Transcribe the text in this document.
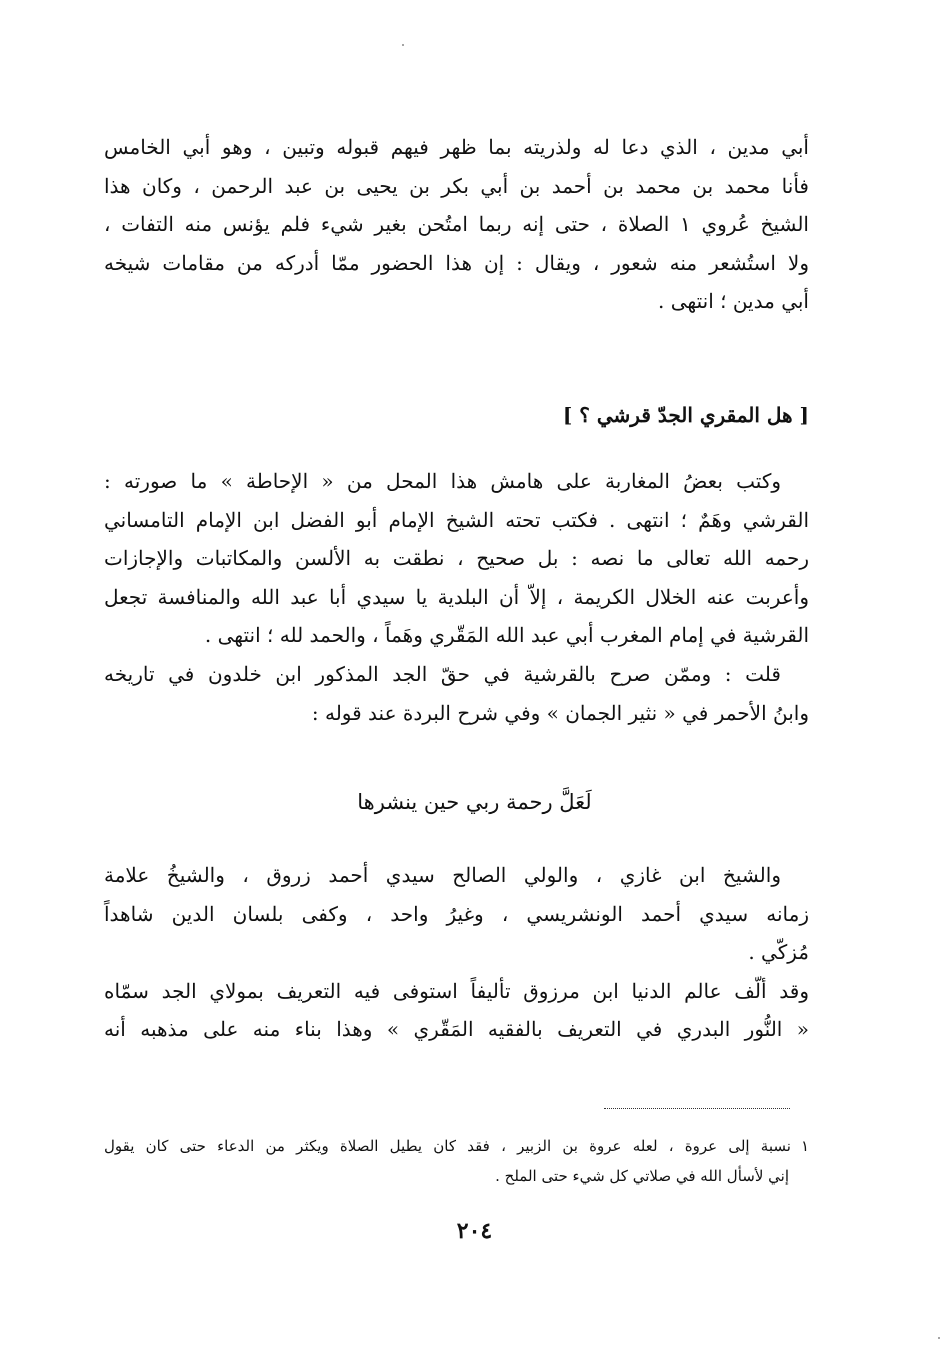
أبي مدين ، الذي دعا له ولذريته بما ظهر فيهم قبوله وتبين ، وهو أبي الخامس
فأنا محمد بن محمد بن أحمد بن أبي بكر بن يحيى بن عبد الرحمن ، وكان هذا
الشيخ عُروي ١ الصلاة ، حتى إنه ربما امتُحن بغير شيء فلم يؤنس منه التفات ،
ولا استُشعر منه شعور ، ويقال : إن هذا الحضور ممّا أدركه من مقامات شيخه
أبي مدين ؛ انتهى .
[ هل المقري الجدّ قرشي ؟ ]
وكتب بعضُ المغاربة على هامش هذا المحل من « الإحاطة » ما صورته :
القرشي وهَمٌ ؛ انتهى . فكتب تحته الشيخ الإمام أبو الفضل ابن الإمام التامساني
رحمه الله تعالى ما نصه : بل صحيح ، نطقت به الألسن والمكاتبات والإجازات
وأعربت عنه الخلال الكريمة ، إلاّ أن البلدية يا سيدي أبا عبد الله والمنافسة تجعل
القرشية في إمام المغرب أبي عبد الله المَقّري وهَماً ، والحمد لله ؛ انتهى .
قلت : وممّن صرح بالقرشية في حقّ الجد المذكور ابن خلدون في تاريخه
وابنُ الأحمر في « نثير الجمان » وفي شرح البردة عند قوله :
لَعَلَّ رحمة ربي حين ينشرها
والشيخ ابن غازي ، والولي الصالح سيدي أحمد زروق ، والشيخُ علامة
زمانه سيدي أحمد الونشريسي ، وغيرُ واحد ، وكفى بلسان الدين شاهداً
مُزكّي .
وقد ألّف عالم الدنيا ابن مرزوق تأليفاً استوفى فيه التعريف بمولاي الجد سمّاه
« النُّور البدري في التعريف بالفقيه المَقّري » وهذا بناء منه على مذهبه أنه
١نسبة إلى عروة ، لعله عروة بن الزبير ، فقد كان يطيل الصلاة ويكثر من الدعاء حتى كان يقول
إني لأسأل الله في صلاتي كل شيء حتى الملح .
٢٠٤
